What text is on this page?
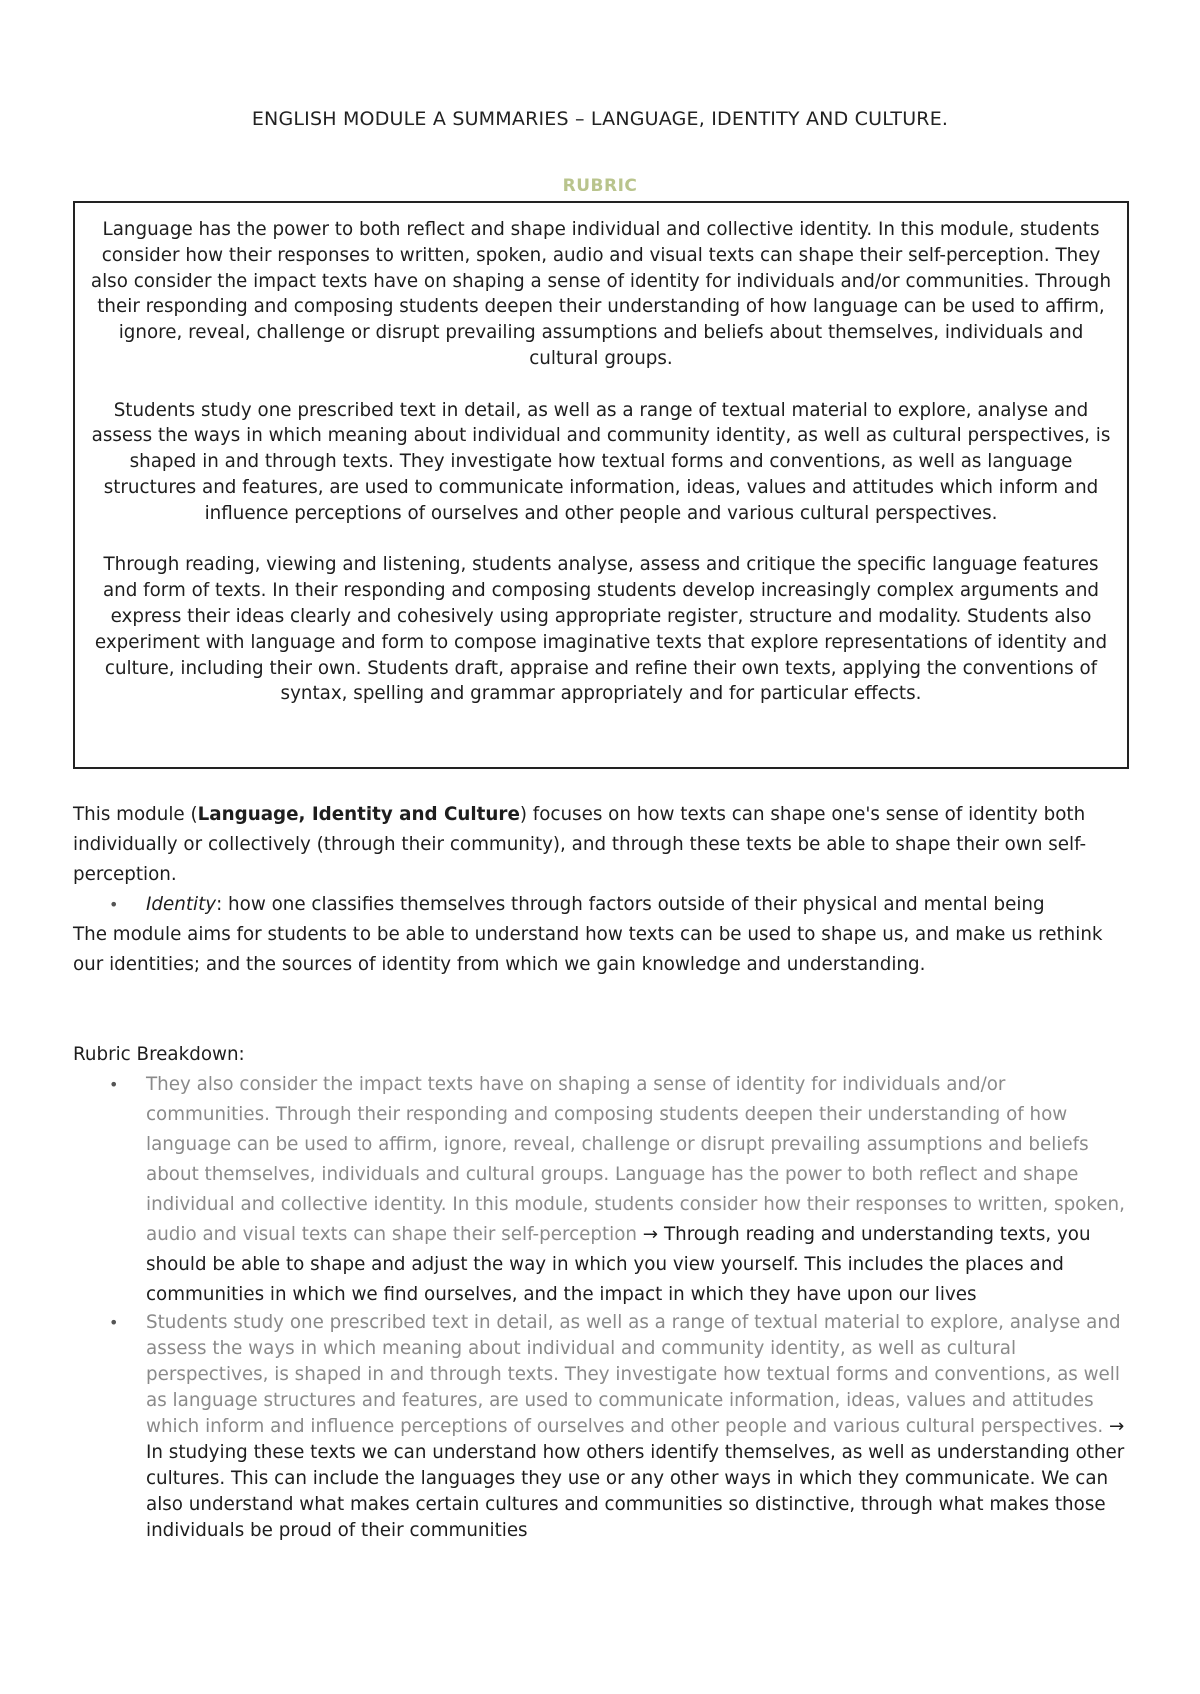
ENGLISH MODULE A SUMMARIES – LANGUAGE, IDENTITY AND CULTURE.
RUBRIC

Language has the power to both reflect and shape individual and collective identity. In this module, students consider how their responses to written, spoken, audio and visual texts can shape their self-perception. They also consider the impact texts have on shaping a sense of identity for individuals and/or communities. Through their responding and composing students deepen their understanding of how language can be used to affirm, ignore, reveal, challenge or disrupt prevailing assumptions and beliefs about themselves, individuals and cultural groups.

Students study one prescribed text in detail, as well as a range of textual material to explore, analyse and assess the ways in which meaning about individual and community identity, as well as cultural perspectives, is shaped in and through texts. They investigate how textual forms and conventions, as well as language structures and features, are used to communicate information, ideas, values and attitudes which inform and influence perceptions of ourselves and other people and various cultural perspectives.

Through reading, viewing and listening, students analyse, assess and critique the specific language features and form of texts. In their responding and composing students develop increasingly complex arguments and express their ideas clearly and cohesively using appropriate register, structure and modality. Students also experiment with language and form to compose imaginative texts that explore representations of identity and culture, including their own. Students draft, appraise and refine their own texts, applying the conventions of syntax, spelling and grammar appropriately and for particular effects.

This module (Language, Identity and Culture) focuses on how texts can shape one's sense of identity both individually or collectively (through their community), and through these texts be able to shape their own self-perception.

• Identity: how one classifies themselves through factors outside of their physical and mental being

The module aims for students to be able to understand how texts can be used to shape us, and make us rethink our identities; and the sources of identity from which we gain knowledge and understanding.

Rubric Breakdown:

• They also consider the impact texts have on shaping a sense of identity for individuals and/or communities. Through their responding and composing students deepen their understanding of how language can be used to affirm, ignore, reveal, challenge or disrupt prevailing assumptions and beliefs about themselves, individuals and cultural groups. Language has the power to both reflect and shape individual and collective identity. In this module, students consider how their responses to written, spoken, audio and visual texts can shape their self-perception → Through reading and understanding texts, you should be able to shape and adjust the way in which you view yourself. This includes the places and communities in which we find ourselves, and the impact in which they have upon our lives
• Students study one prescribed text in detail, as well as a range of textual material to explore, analyse and assess the ways in which meaning about individual and community identity, as well as cultural perspectives, is shaped in and through texts. They investigate how textual forms and conventions, as well as language structures and features, are used to communicate information, ideas, values and attitudes which inform and influence perceptions of ourselves and other people and various cultural perspectives. → In studying these texts we can understand how others identify themselves, as well as understanding other cultures. This can include the languages they use or any other ways in which they communicate. We can also understand what makes certain cultures and communities so distinctive, through what makes those individuals be proud of their communities
